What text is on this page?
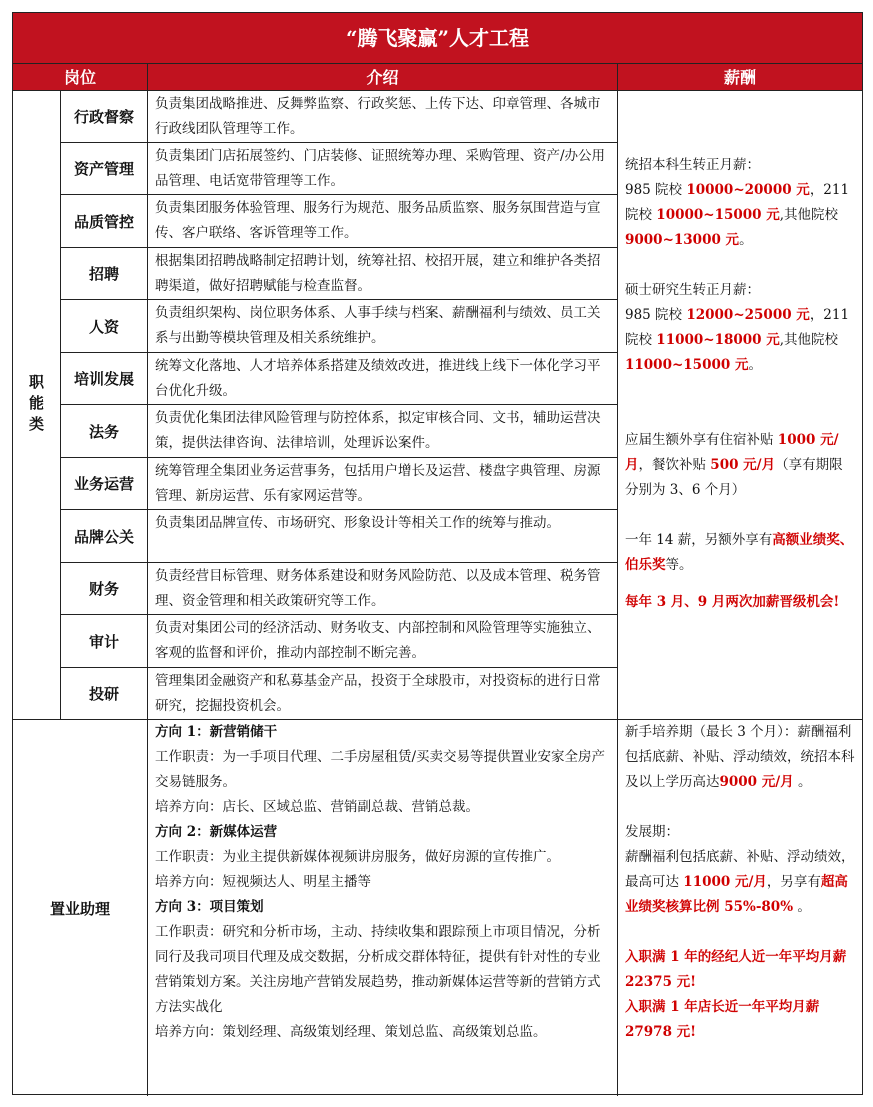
“腾飞聚赢”人才工程
岗位	介绍	薪酬
职能类
行政督察
负责集团战略推进、反舞弊监察、行政奖惩、上传下达、印章管理、各城市行政线团队管理等工作。
资产管理
负责集团门店拓展签约、门店装修、证照统筹办理、采购管理、资产/办公用品管理、电话宽带管理等工作。
品质管控
负责集团服务体验管理、服务行为规范、服务品质监察、服务氛围营造与宣传、客户联络、客诉管理等工作。
招聘
根据集团招聘战略制定招聘计划，统筹社招、校招开展，建立和维护各类招聘渠道，做好招聘赋能与检查监督。
人资
负责组织架构、岗位职务体系、人事手续与档案、薪酬福利与绩效、员工关系与出勤等模块管理及相关系统维护。
培训发展
统筹文化落地、人才培养体系搭建及绩效改进，推进线上线下一体化学习平台优化升级。
法务
负责优化集团法律风险管理与防控体系，拟定审核合同、文书，辅助运营决策，提供法律咨询、法律培训，处理诉讼案件。
业务运营
统筹管理全集团业务运营事务，包括用户增长及运营、楼盘字典管理、房源管理、新房运营、乐有家网运营等。
品牌公关
负责集团品牌宣传、市场研究、形象设计等相关工作的统筹与推动。
财务
负责经营目标管理、财务体系建设和财务风险防范、以及成本管理、税务管理、资金管理和相关政策研究等工作。
审计
负责对集团公司的经济活动、财务收支、内部控制和风险管理等实施独立、客观的监督和评价，推动内部控制不断完善。
投研
管理集团金融资产和私募基金产品，投资于全球股市，对投资标的进行日常研究，挖掘投资机会。

统招本科生转正月薪：

985 院校 10000~20000 元，211 院校 10000~15000 元,其他院校 9000~13000 元。

硕士研究生转正月薪：

985 院校 12000~25000 元，211 院校 11000~18000 元,其他院校 11000~15000 元。

应届生额外享有住宿补贴 1000 元/月，餐饮补贴 500 元/月（享有期限分别为 3、6 个月）

一年 14 薪，另额外享有高额业绩奖、伯乐奖等。

每年 3 月、9 月两次加薪晋级机会!

置业助理

方向 1：新营销储干

工作职责：为一手项目代理、二手房屋租赁/买卖交易等提供置业安家全房产交易链服务。

培养方向：店长、区域总监、营销副总裁、营销总裁。

方向 2：新媒体运营

工作职责：为业主提供新媒体视频讲房服务，做好房源的宣传推广。

培养方向：短视频达人、明星主播等

方向 3：项目策划

工作职责：研究和分析市场，主动、持续收集和跟踪预上市项目情况，分析同行及我司项目代理及成交数据，分析成交群体特征，提供有针对性的专业营销策划方案。关注房地产营销发展趋势，推动新媒体运营等新的营销方式方法实战化

培养方向：策划经理、高级策划经理、策划总监、高级策划总监。

新手培养期（最长 3 个月）：薪酬福利包括底薪、补贴、浮动绩效，统招本科及以上学历高达9000 元/月 。

发展期：

薪酬福利包括底薪、补贴、浮动绩效，最高可达 11000 元/月，另享有超高业绩奖核算比例 55%-80% 。

入职满 1 年的经纪人近一年平均月薪 22375 元!

入职满 1 年店长近一年平均月薪 27978 元!
